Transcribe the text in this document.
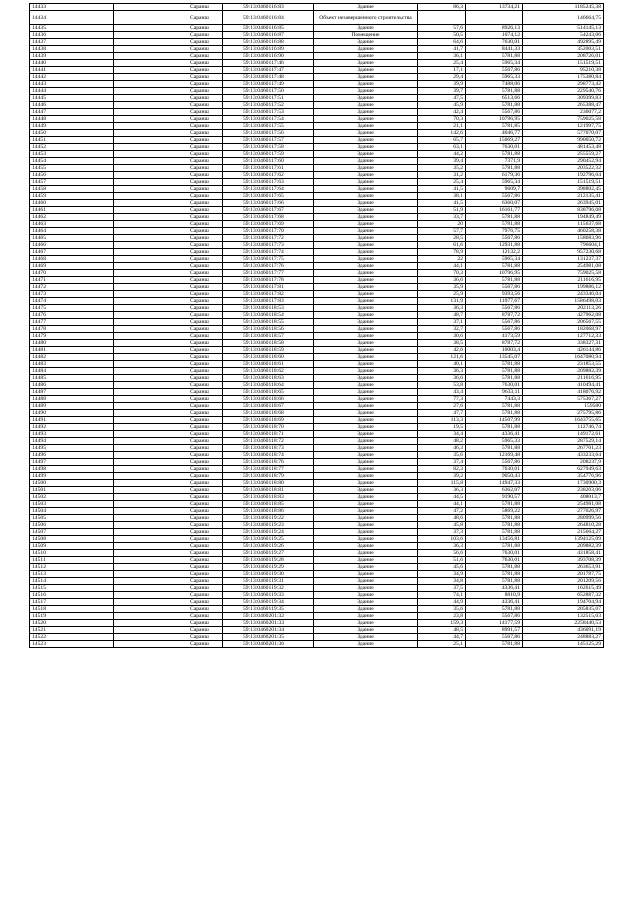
14433	Саранш	59:13:0460116:83	Здание	86,3	13734,21	1185245,38
14434	Саранш	59:13:0460116:84	Объект незавершенного строительства			146664,75
14435	Саранш	59:13:0460116:85	Здание	57,6	8926,13	514145,13
14436	Саранш	59:13:0460116:87	Помещение	50,5	1074,12	54243,06
14437	Саранш	59:13:0460116:88	Здание	64,6	7630,01	492895,49
14438	Саранш	59:13:0460116:89	Здание	41,7	8441,33	352003,51
14439	Саранш	59:13:0460116:90	Здание	36,1	5781,88	208726,01
14440	Саранш	59:13:0460117:46	Здание	25,4	5965,34	151519,51
14441	Саранш	59:13:0460117:47	Здание	17,1	5567,86	95210,38
14442	Саранш	59:13:0460117:48	Здание	29,4	5965,33	175380,84
14443	Саранш	59:13:0460117:49	Здание	39,9	7488,06	298773,42
14444	Саранш	59:13:0460117:50	Здание	39,7	5781,88	229540,76
14445	Саранш	59:13:0460117:51	Здание	47,5	6513,66	309399,83
14446	Саранш	59:13:0460117:52	Здание	45,9	5781,88	265388,47
14447	Саранш	59:13:0460117:53	Здание	42,4	5567,86	236077,2
14448	Саранш	59:13:0460117:54	Здание	70,3	10796,95	759025,58
14449	Саранш	59:13:0460117:55	Здание	21,1	5781,85	121997,75
14450	Саранш	59:13:0460117:56	Здание	142,6	4046,77	577070,07
14451	Саранш	59:13:0460117:57	Здание	65,7	15069,27	990050,72
14452	Саранш	59:13:0460117:58	Здание	63,1	7630,01	481453,48
14453	Саранш	59:13:0460117:59	Здание	44,2	5781,88	255559,27
14454	Саранш	59:13:0460117:60	Здание	39,4	7371,9	290452,94
14455	Саранш	59:13:0460117:61	Здание	35,2	5781,88	203522,32
14456	Саранш	59:13:0460117:62	Здание	31,2	6179,36	192796,04
14457	Саранш	59:13:0460117:63	Здание	25,4	5965,34	151519,51
14458	Саранш	59:13:0460117:64	Здание	41,5	9609,7	398802,45
14459	Саранш	59:13:0460117:65	Здание	38,1	5567,86	212135,41
14460	Саранш	59:13:0460117:66	Здание	41,5	6360,07	263945,01
14461	Саранш	59:13:0460117:67	Здание	51,9	16161,77	838796,08
14462	Саранш	59:13:0460117:68	Здание	33,7	5781,88	194849,49
14463	Саранш	59:13:0460117:69	Здание	20	5781,88	115637,68
14464	Саранш	59:13:0460117:70	Здание	57,7	7976,75	460258,38
14465	Саранш	59:13:0460117:72	Здание	28,5	5567,86	158683,96
14466	Саранш	59:13:0460117:73	Здание	61,6	12931,88	796604,1
14467	Саранш	59:13:0460117:74	Здание	78,9	12132,2	957230,68
14468	Саранш	59:13:0460117:75	Здание	22	5965,34	131237,37
14469	Саранш	59:13:0460117:76	Здание	44,1	5781,88	254981,08
14470	Саранш	59:13:0460117:77	Здание	70,3	10796,95	759025,58
14471	Саранш	59:13:0460117:78	Здание	36,6	5781,88	211616,95
14472	Саранш	59:13:0460117:81	Здание	35,9	5567,86	199886,12
14473	Саранш	59:13:0460117:82	Здание	25,9	9393,56	243346,04
14474	Саранш	59:13:0460117:83	Здание	131,9	11077,67	1586498,03
14475	Саранш	59:13:0460118:53	Здание	36,3	5567,86	202113,26
14476	Саранш	59:13:0460118:54	Здание	48,7	8787,72	427962,08
14477	Саранш	59:13:0460118:55	Здание	37,1	5567,86	206567,55
14478	Саранш	59:13:0460118:56	Здание	32,7	5567,86	182068,97
14479	Саранш	59:13:0460118:57	Здание	30,6	4173,59	127712,33
14480	Саранш	59:13:0460118:58	Здание	38,5	8787,72	338327,31
14481	Саранш	59:13:0460118:59	Здание	42,6	10003,4	426144,86
14482	Саранш	59:13:0460118:60	Здание	121,6	13545,07	1647080,94
14483	Саранш	59:13:0460118:61	Здание	40,1	5781,88	231853,55
14484	Саранш	59:13:0460118:62	Здание	36,3	5781,88	209882,39
14485	Саранш	59:13:0460118:63	Здание	36,6	5781,88	211616,95
14486	Саранш	59:13:0460118:64	Здание	53,8	7630,01	410494,41
14487	Саранш	59:13:0460118:65	Здание	43,4	9633,11	418076,92
14488	Саранш	59:13:0460118:66	Здание	77,3	7443,3	575367,27
14489	Саранш	59:13:0460118:67	Здание	27,6	5781,88	159580
14490	Саранш	59:13:0460118:68	Здание	47,7	5781,88	275795,86
14491	Саранш	59:13:0460118:69	Здание	113,3	14507,99	1643755,65
14492	Саранш	59:13:0460118:70	Здание	19,5	5781,88	112746,74
14493	Саранш	59:13:0460118:71	Здание	34,4	4336,41	149172,61
14494	Саранш	59:13:0460118:72	Здание	48,2	5965,33	287529,14
14495	Саранш	59:13:0460118:73	Здание	46,3	5781,88	267701,23
14496	Саранш	59:13:0460118:74	Здание	35,6	12169,48	433233,64
14497	Саранш	59:13:0460118:76	Здание	37,4	5567,86	208237,9
14498	Саранш	59:13:0460118:77	Здание	82,3	7630,01	627949,63
14499	Саранш	59:13:0460118:79	Здание	39,2	9050,43	354776,96
14500	Саранш	59:13:0460118:80	Здание	115,8	14947,33	1730900,3
14501	Саранш	59:13:0460118:81	Здание	36,3	6362,07	238203,06
14502	Саранш	59:13:0460118:83	Здание	44,5	9190,57	408013,7
14503	Саранш	59:13:0460118:85	Здание	44,1	5781,88	254981,08
14504	Саранш	59:13:0460118:86	Здание	47,2	5869,22	277026,97
14505	Саранш	59:13:0460119:22	Здание	48,6	5781,88	280999,56
14506	Саранш	59:13:0460119:23	Здание	45,8	5781,88	264810,28
14507	Саранш	59:13:0460119:24	Здание	37,3	5781,88	215664,27
14508	Саранш	59:13:0460119:25	Здание	103,6	13456,81	1394125,09
14509	Саранш	59:13:0460119:26	Здание	36,3	5781,88	209882,39
14510	Саранш	59:13:0460119:27	Здание	56,6	7630,01	431858,41
14511	Саранш	59:13:0460119:28	Здание	51,6	7630,01	393708,39
14512	Саранш	59:13:0460119:29	Здание	45,6	5781,88	263653,91
14513	Саранш	59:13:0460119:30	Здание	34,9	5781,88	201787,75
14514	Саранш	59:13:0460119:31	Здание	34,8	5781,88	201209,56
14515	Саранш	59:13:0460119:32	Здание	37,5	4336,41	162615,49
14516	Саранш	59:13:0460119:33	Здание	74,1	8810,9	652887,32
14517	Саранш	59:13:0460119:34	Здание	44,9	4336,41	194704,94
14518	Саранш	59:13:0460119:35	Здание	35,6	5781,88	205835,07
14519	Саранш	59:13:0460201:32	Здание	23,8	5567,86	132515,03
14520	Саранш	59:13:0460201:33	Здание	159,3	14177,59	2258440,53
14521	Саранш	59:13:0460201:34	Здание	48,5	8991,57	436091,19
14522	Саранш	59:13:0460201:35	Здание	44,7	5567,86	248883,27
14523	Саранш	59:13:0460201:36	Здание	25,1	5781,88	145125,29
